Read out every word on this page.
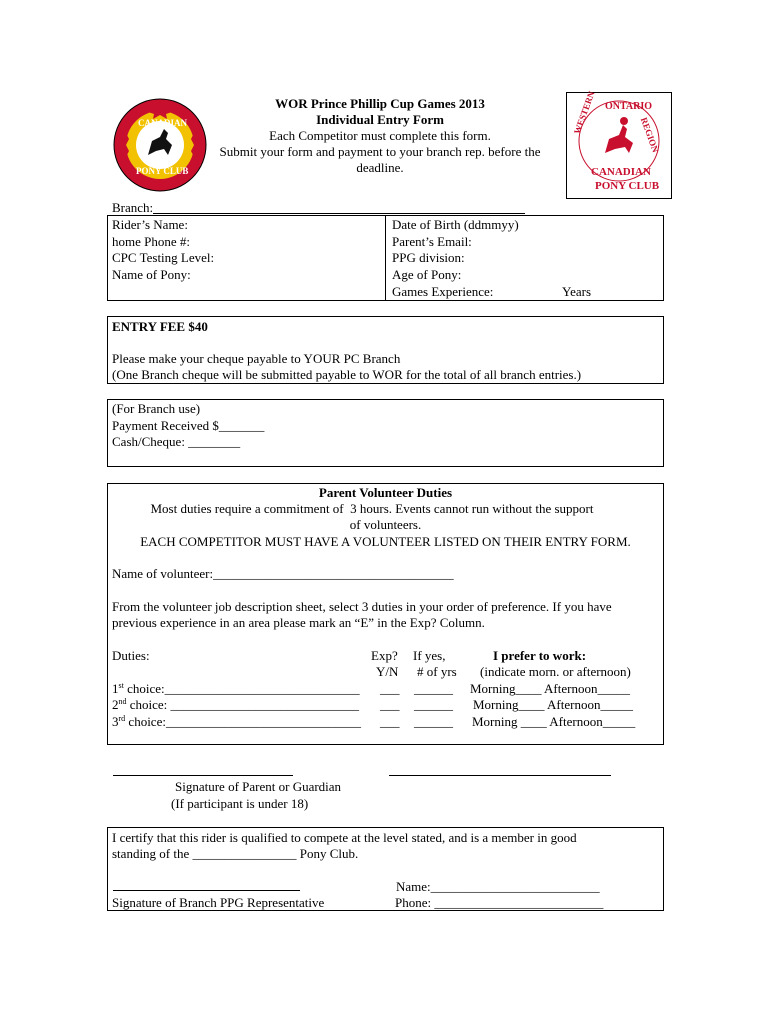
CANADIAN
PONY CLUB
ONTARIO
WESTERN	REGION
CANADIAN
PONY CLUB
WOR Prince Phillip Cup Games 2013
Individual Entry Form
Each Competitor must complete this form.
Submit your form and payment to your branch rep. before the
deadline.
Branch:
Rider’s Name:
home Phone #:
CPC Testing Level:
Name of Pony:
Date of Birth (ddmmyy)
Parent’s Email:
PPG division:
Age of Pony:
Games Experience:	Years
ENTRY FEE $40
Please make your cheque payable to YOUR PC Branch
(One Branch cheque will be submitted payable to WOR for the total of all branch entries.)
(For Branch use)
Payment Received $_______
Cash/Cheque: ________
Parent Volunteer Duties
Most duties require a commitment of  3 hours. Events cannot run without the support
of volunteers.
EACH COMPETITOR MUST HAVE A VOLUNTEER LISTED ON THEIR ENTRY FORM.
Name of volunteer:_____________________________________
From the volunteer job description sheet, select 3 duties in your order of preference. If you have
previous experience in an area please mark an “E” in the Exp? Column.
Duties:	Exp? If yes,	I prefer to work:
Y/N # of yrs (indicate morn. or afternoon)
1st choice:______________________________ ___ ______ Morning____ Afternoon_____
2nd choice: _____________________________ ___ ______ Morning____ Afternoon_____
3rd choice:______________________________ ___ ______ Morning ____ Afternoon_____
Signature of Parent or Guardian
(If participant is under 18)
I certify that this rider is qualified to compete at the level stated, and is a member in good
standing of the ________________ Pony Club.
Name:__________________________
Signature of Branch PPG Representative	Phone: __________________________
